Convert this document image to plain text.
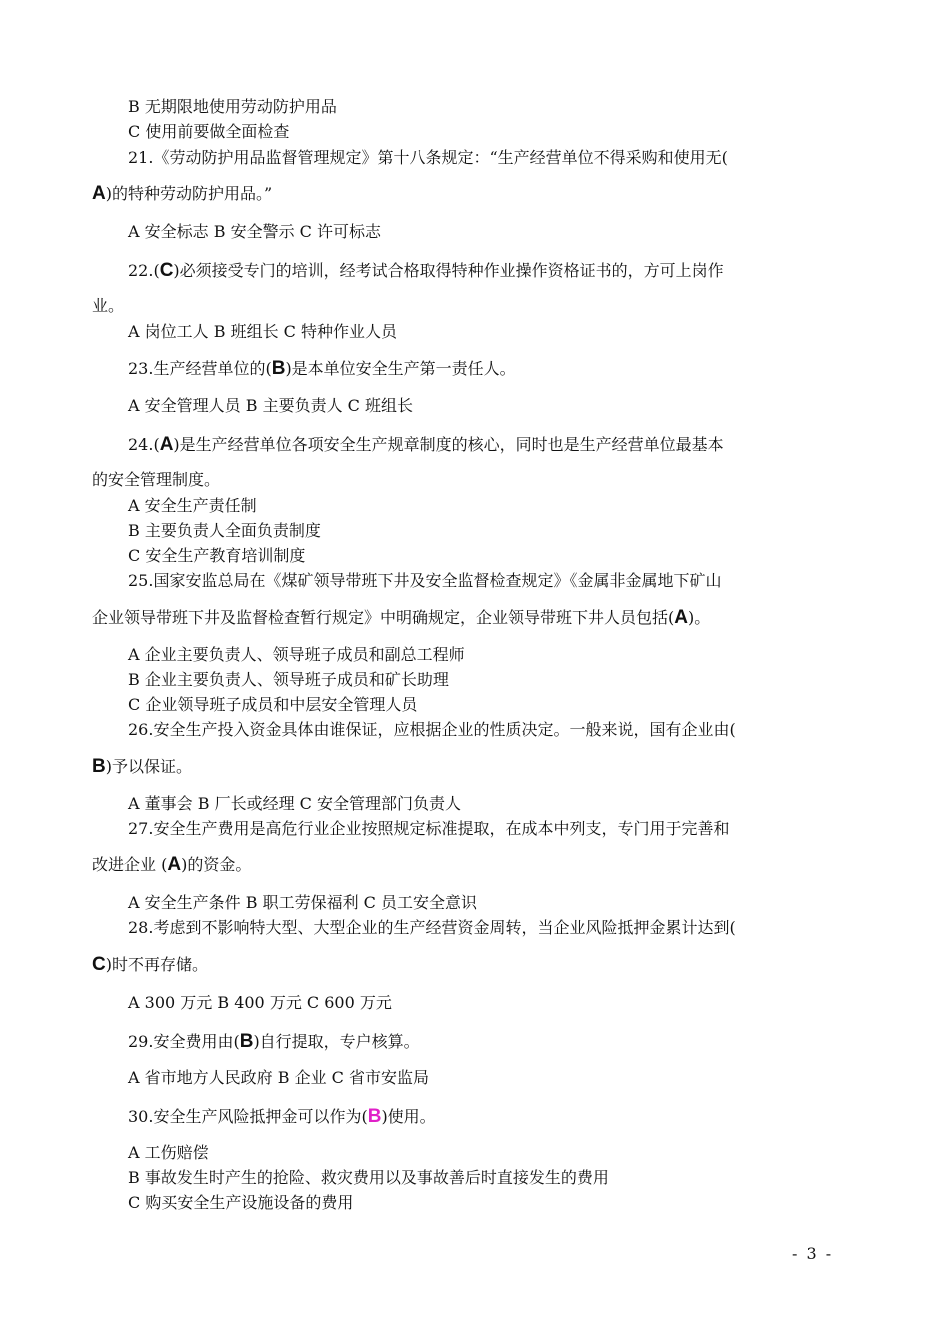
B 无期限地使用劳动防护用品
C 使用前要做全面检查
21.《劳动防护用品监督管理规定》第十八条规定：“生产经营单位不得采购和使用无(
A)的特种劳动防护用品。”
A 安全标志 B 安全警示 C 许可标志
22.(C)必须接受专门的培训，经考试合格取得特种作业操作资格证书的，方可上岗作
业。
A 岗位工人 B 班组长 C 特种作业人员
23.生产经营单位的(B)是本单位安全生产第一责任人。
A 安全管理人员 B 主要负责人 C 班组长
24.(A)是生产经营单位各项安全生产规章制度的核心，同时也是生产经营单位最基本
的安全管理制度。
A 安全生产责任制
B 主要负责人全面负责制度
C 安全生产教育培训制度
25.国家安监总局在《煤矿领导带班下井及安全监督检查规定》《金属非金属地下矿山
企业领导带班下井及监督检查暂行规定》中明确规定，企业领导带班下井人员包括(A)。
A 企业主要负责人、领导班子成员和副总工程师
B 企业主要负责人、领导班子成员和矿长助理
C 企业领导班子成员和中层安全管理人员
26.安全生产投入资金具体由谁保证，应根据企业的性质决定。一般来说，国有企业由(
B)予以保证。
A 董事会 B 厂长或经理 C 安全管理部门负责人
27.安全生产费用是高危行业企业按照规定标准提取，在成本中列支，专门用于完善和
改进企业 (A)的资金。
A 安全生产条件 B 职工劳保福利 C 员工安全意识
28.考虑到不影响特大型、大型企业的生产经营资金周转，当企业风险抵押金累计达到(
C)时不再存储。
A 300 万元 B 400 万元 C 600 万元
29.安全费用由(B)自行提取，专户核算。
A 省市地方人民政府 B 企业 C 省市安监局
30.安全生产风险抵押金可以作为(B)使用。
A 工伤赔偿
B 事故发生时产生的抢险、救灾费用以及事故善后时直接发生的费用
C 购买安全生产设施设备的费用
- 3 -
